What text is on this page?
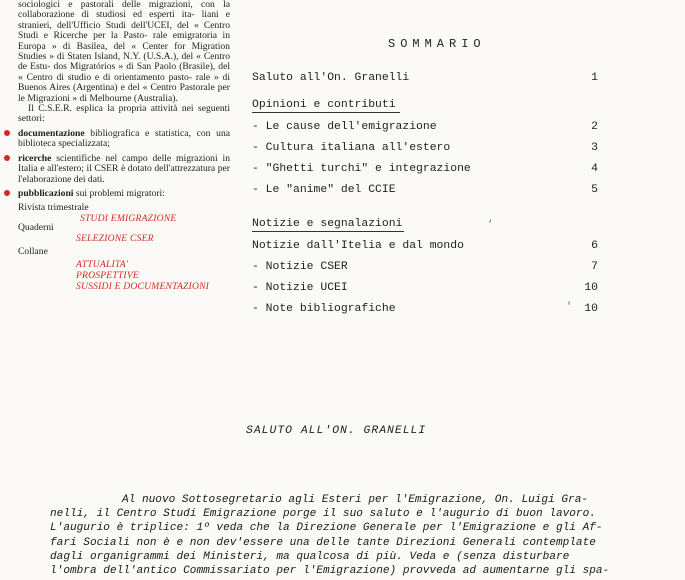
sociologici e pastorali delle migrazioni, con la collaborazione di studiosi ed esperti ita- liani e stranieri, dell'Ufficio Studi dell'UCEI, del « Centro Studi e Ricerche per la Pasto- rale emigratoria in Europa » di Basilea, del « Center for Migration Studies » di Staten Island, N.Y. (U.S.A.), del « Centro de Estu- dos Migratórios » di San Paolo (Brasile), del « Centro di studio e di orientamento pasto- rale » di Buenos Aires (Argentina) e del « Centro Pastorale per le Migrazioni » di Melbourne (Australia).

Il C.S.E.R. esplica la propria attività nei seguenti settori:

documentazione bibliografica e statistica, con una biblioteca specializzata;

ricerche scientifiche nel campo delle migrazioni in Italia e all'estero; il CSER è dotato dell'attrezzatura per l'elaborazione dei dati.

pubblicazioni sui problemi migratori:

Rivista trimestrale
STUDI EMIGRAZIONE
Quaderni
SELEZIONE CSER
Collane
ATTUALITA'
PROSPETTIVE
SUSSIDI E DOCUMENTAZIONI
SOMMARIO
Saluto all'On. Granelli	1
Opinioni e contributi
- Le cause dell'emigrazione	2
- Cultura italiana all'estero	3
- "Ghetti turchi" e integrazione	4
- Le "anime" del CCIE	5
Notizie e segnalazioni
Notizie dall'Itelia e dal mondo	6
- Notizie CSER	7
- Notizie UCEI	10
- Note bibliografiche	10
,
'
SALUTO ALL'ON. GRANELLI

Al nuovo Sottosegretario agli Esteri per l'Emigrazione, On. Luigi Gra-

nelli, il Centro Studi Emigrazione porge il suo saluto e l'augurio di buon lavoro.

L'augurio è triplice: 1º veda che la Direzione Generale per l'Emigrazione e gli Af-

fari Sociali non è e non dev'essere una delle tante Direzioni Generali contemplate

dagli organigrammi dei Ministeri, ma qualcosa di più. Veda e (senza disturbare

l'ombra dell'antico Commissariato per l'Emigrazione) provveda ad aumentarne gli spa-
